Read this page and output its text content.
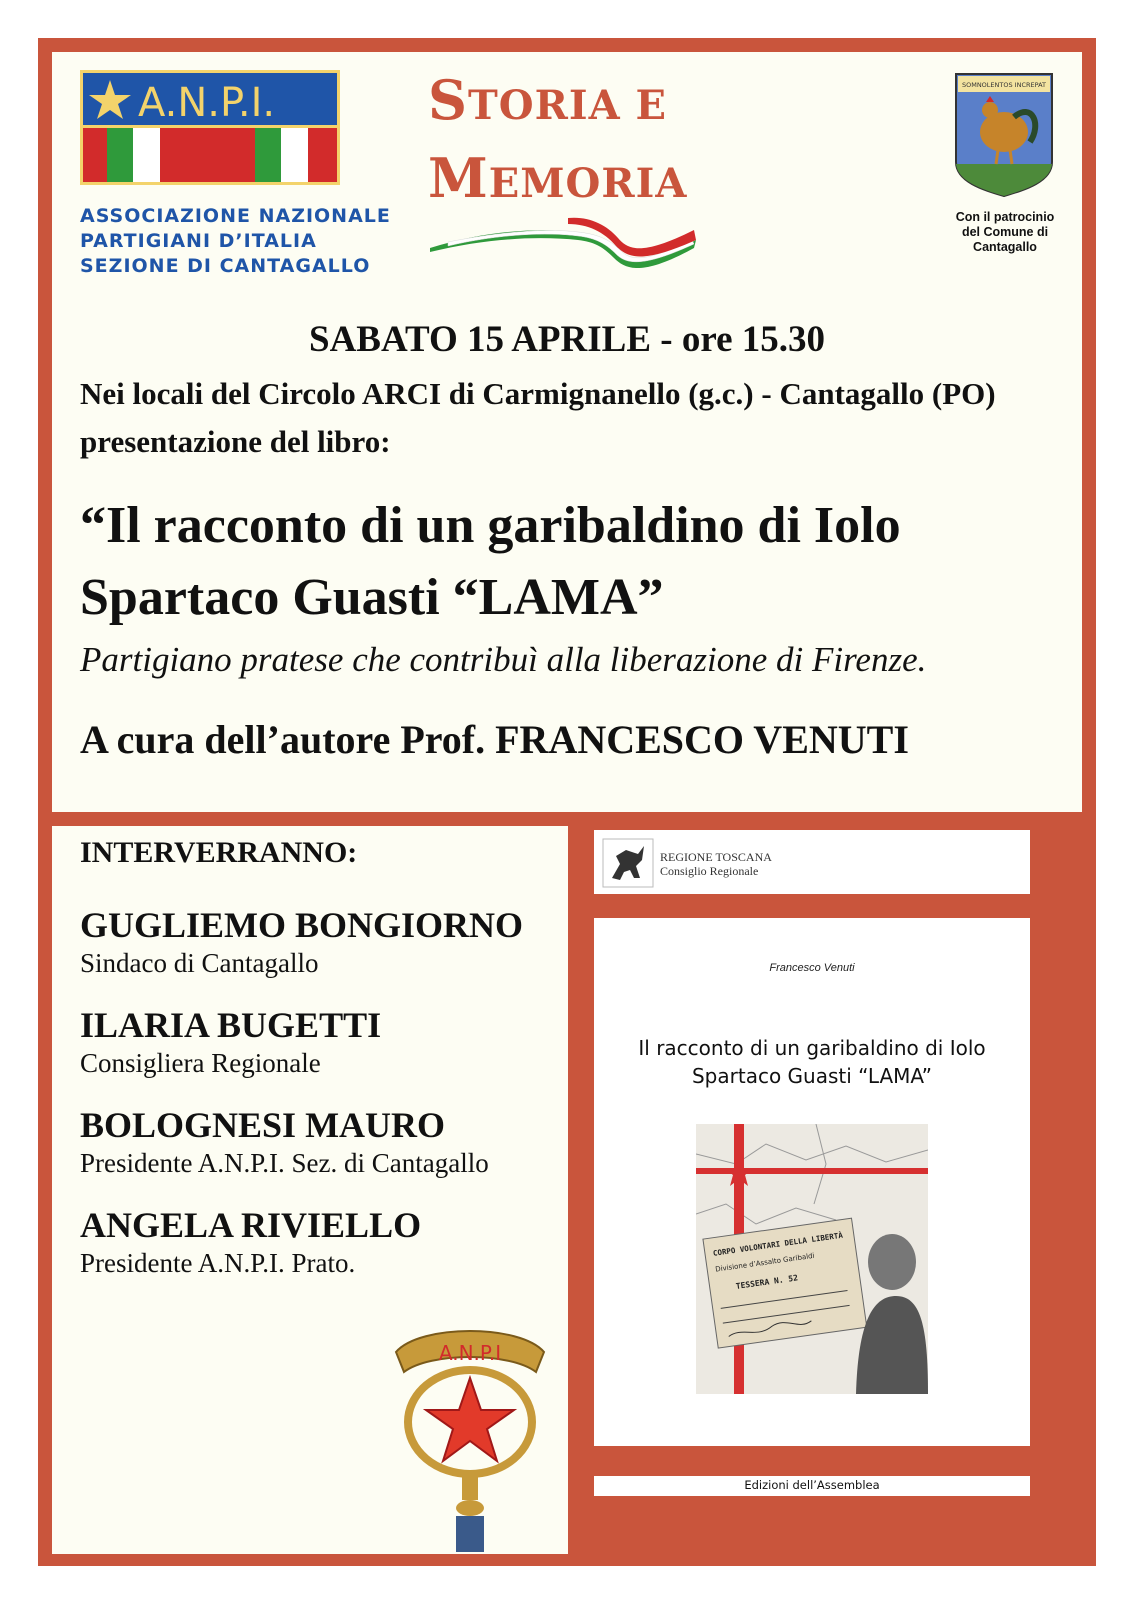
A.N.P.I.
ASSOCIAZIONE NAZIONALE
PARTIGIANI D’ITALIA
SEZIONE DI CANTAGALLO
STORIA E
MEMORIA
SOMNOLENTOS INCREPAT
Con il patrocinio
del Comune di
Cantagallo
SABATO 15 APRILE - ore 15.30
Nei locali del Circolo ARCI di Carmignanello (g.c.) - Cantagallo (PO)
presentazione del libro:
“Il racconto di un garibaldino di Iolo
Spartaco Guasti “LAMA”
Partigiano pratese che contribuì alla liberazione di Firenze.
A cura dell’autore Prof. FRANCESCO VENUTI
INTERVERRANNO:
GUGLIEMO BONGIORNO
Sindaco di Cantagallo
ILARIA BUGETTI
Consigliera Regionale
BOLOGNESI MAURO
Presidente A.N.P.I. Sez. di Cantagallo
ANGELA RIVIELLO
Presidente A.N.P.I. Prato.
A.N.P.I
REGIONE TOSCANA
Consiglio Regionale
Francesco Venuti
Il racconto di un garibaldino di Iolo
Spartaco Guasti “LAMA”
CORPO VOLONTARI DELLA LIBERTÀ
Divisione d’Assalto Garibaldi
TESSERA N. 52
Edizioni dell’Assemblea
